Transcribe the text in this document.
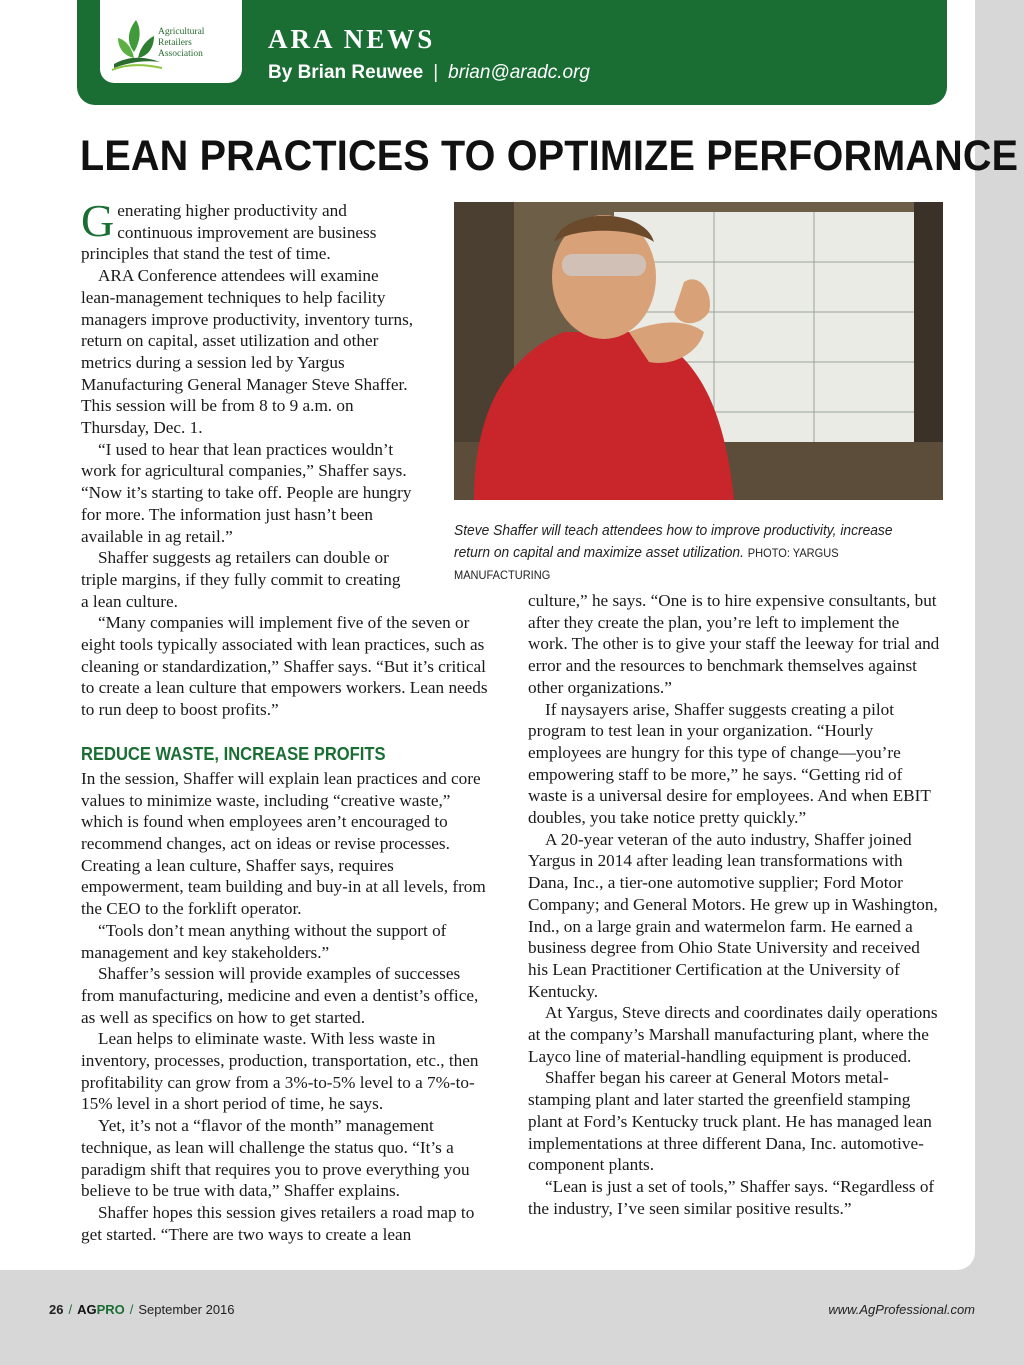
Agricultural
Retailers
Association ARA NEWS
By Brian Reuwee | brian@aradc.org
LEAN PRACTICES TO OPTIMIZE PERFORMANCE

Generating higher productivity and continuous improvement are business principles that stand the test of time.

ARA Conference attendees will examine lean-management techniques to help facility managers improve productivity, inventory turns, return on capital, asset utilization and other metrics during a session led by Yargus Manufacturing General Manager Steve Shaffer. This session will be from 8 to 9 a.m. on Thursday, Dec. 1.

“I used to hear that lean practices wouldn’t work for agricultural companies,” Shaffer says. “Now it’s starting to take off. People are hungry for more. The information just hasn’t been available in ag retail.”

Shaffer suggests ag retailers can double or triple margins, if they fully commit to creating a lean culture.

“Many companies will implement five of the seven or eight tools typically associated with lean practices, such as cleaning or standardization,” Shaffer says. “But it’s critical to create a lean culture that empowers workers. Lean needs to run deep to boost profits.”

REDUCE WASTE, INCREASE PROFITS

In the session, Shaffer will explain lean practices and core values to minimize waste, including “creative waste,” which is found when employees aren’t encouraged to recommend changes, act on ideas or revise processes. Creating a lean culture, Shaffer says, requires empowerment, team building and buy-in at all levels, from the CEO to the forklift operator.

“Tools don’t mean anything without the support of management and key stakeholders.”

Shaffer’s session will provide examples of successes from manufacturing, medicine and even a dentist’s office, as well as specifics on how to get started.

Lean helps to eliminate waste. With less waste in inventory, processes, production, transportation, etc., then profitability can grow from a 3%-to-5% level to a 7%-to-15% level in a short period of time, he says.

Yet, it’s not a “flavor of the month” management technique, as lean will challenge the status quo. “It’s a paradigm shift that requires you to prove everything you believe to be true with data,” Shaffer explains.

Shaffer hopes this session gives retailers a road map to get started. “There are two ways to create a lean

Steve Shaffer will teach attendees how to improve productivity, increase return on capital and maximize asset utilization. PHOTO: YARGUS MANUFACTURING

culture,” he says. “One is to hire expensive consultants, but after they create the plan, you’re left to implement the work. The other is to give your staff the leeway for trial and error and the resources to benchmark themselves against other organizations.”

If naysayers arise, Shaffer suggests creating a pilot program to test lean in your organization. “Hourly employees are hungry for this type of change—you’re empowering staff to be more,” he says. “Getting rid of waste is a universal desire for employees. And when EBIT doubles, you take notice pretty quickly.”

A 20-year veteran of the auto industry, Shaffer joined Yargus in 2014 after leading lean transformations with Dana, Inc., a tier-one automotive supplier; Ford Motor Company; and General Motors. He grew up in Washington, Ind., on a large grain and watermelon farm. He earned a business degree from Ohio State University and received his Lean Practitioner Certification at the University of Kentucky.

At Yargus, Steve directs and coordinates daily operations at the company’s Marshall manufacturing plant, where the Layco line of material-handling equipment is produced.

Shaffer began his career at General Motors metal-stamping plant and later started the greenfield stamping plant at Ford’s Kentucky truck plant. He has managed lean implementations at three different Dana, Inc. automotive-component plants.

“Lean is just a set of tools,” Shaffer says. “Regardless of the industry, I’ve seen similar positive results.”

26 / AGPRO / September 2016	www.AgProfessional.com
